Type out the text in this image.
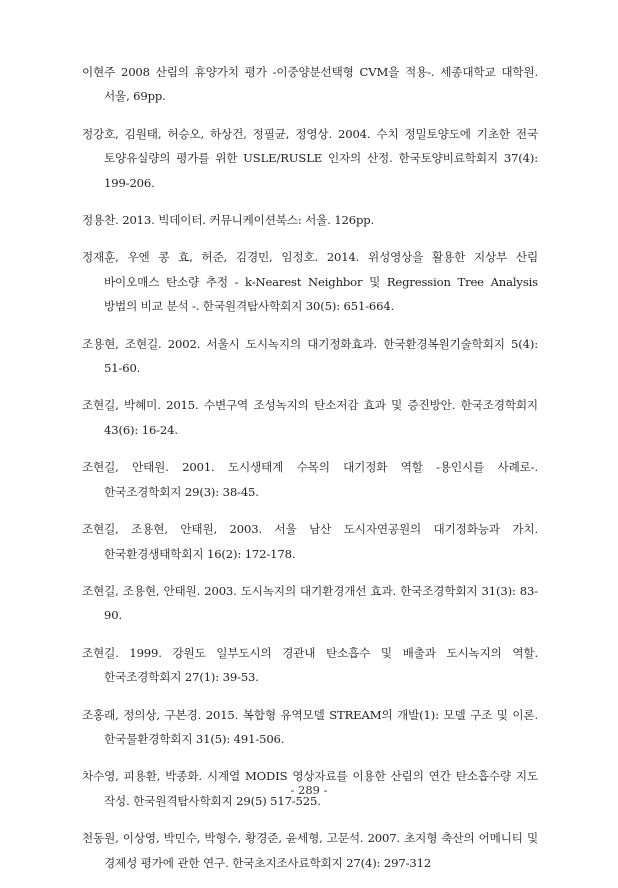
이현주 2008 산림의 휴양가치 평가 -이중양분선택형 CVM을 적용-. 세종대학교 대학원. 서울, 69pp.

정강호, 김원태, 허승오, 하상건, 정필균, 정영상. 2004. 수치 정밀토양도에 기초한 전국 토양유실량의 평가를 위한 USLE/RUSLE 인자의 산정. 한국토양비료학회지 37(4): 199-206.

정용찬. 2013. 빅데이터. 커뮤니케이션북스: 서울. 126pp.

정재훈, 우엔 콩 효, 허준, 김경민, 임정호. 2014. 위성영상을 활용한 지상부 산림 바이오매스 탄소량 추정 - k-Nearest Neighbor 및 Regression Tree Analysis 방법의 비교 분석 -. 한국원격탐사학회지 30(5): 651-664.

조용현, 조현길. 2002. 서울시 도시녹지의 대기정화효과. 한국환경복원기술학회지 5(4): 51-60.

조현길, 박혜미. 2015. 수변구역 조성녹지의 탄소저감 효과 및 증진방안. 한국조경학회지 43(6): 16-24.

조현길, 안태원. 2001. 도시생태계 수목의 대기정화 역할 -용인시를 사례로-. 한국조경학회지 29(3): 38-45.

조현길, 조용현, 안태원, 2003. 서울 남산 도시자연공원의 대기정화능과 가치. 한국환경생태학회지 16(2): 172-178.

조현길, 조용현, 안태원. 2003. 도시녹지의 대기환경개선 효과. 한국조경학회지 31(3): 83-90.

조현길. 1999. 강원도 일부도시의 경관내 탄소흡수 및 배출과 도시녹지의 역할. 한국조경학회지 27(1): 39-53.

조홍래, 정의상, 구본경. 2015. 복합형 유역모델 STREAM의 개발(1): 모델 구조 및 이론. 한국물환경학회지 31(5): 491-506.

차수영, 피용환, 박종화. 시계열 MODIS 영상자료를 이용한 산림의 연간 탄소흡수량 지도 작성. 한국원격탐사학회지 29(5) 517-525.

천동원, 이상영, 박민수, 박형수, 황경준, 윤세형, 고문석. 2007. 초지형 축산의 어메니티 및 경제성 평가에 관한 연구. 한국초지조사료학회지 27(4): 297-312

- 289 -
